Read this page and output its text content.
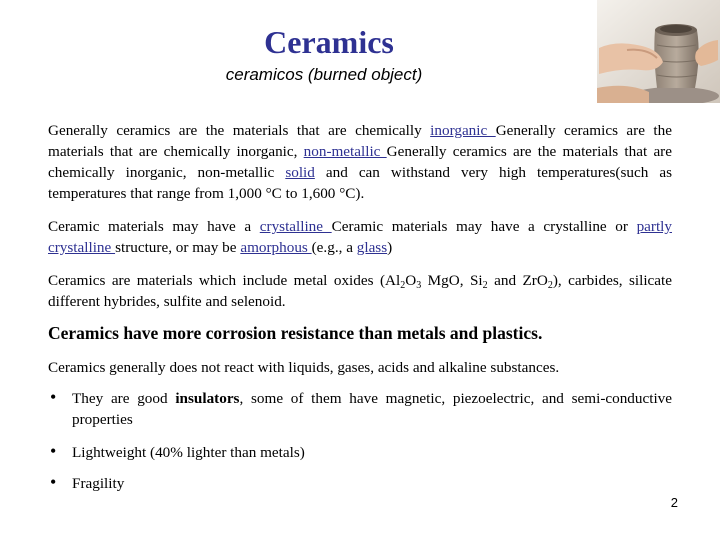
Ceramics
ceramicos (burned object)
Generally ceramics are the materials that are chemically inorganic Generally ceramics are the materials that are chemically inorganic, non-metallic Generally ceramics are the materials that are chemically inorganic, non-metallic solid and can withstand very high temperatures(such as temperatures that range from 1,000 °C to 1,600 °C).
Ceramic materials may have a crystalline Ceramic materials may have a crystalline or partly crystalline structure, or may be amorphous (e.g., a glass)
Ceramics are materials which include metal oxides ($Al_2O_3$ MgO, $Si_2$ and ZrO$_2$), carbides, silicate different hybrides, sulfite and selenoid.
Ceramics have more corrosion resistance than metals and plastics.
Ceramics generally does not react with liquids, gases, acids and alkaline substances.
• They are good insulators, some of them have magnetic, piezoelectric, and semi-conductive properties
• Lightweight (40% lighter than metals)
• Fragility
2
